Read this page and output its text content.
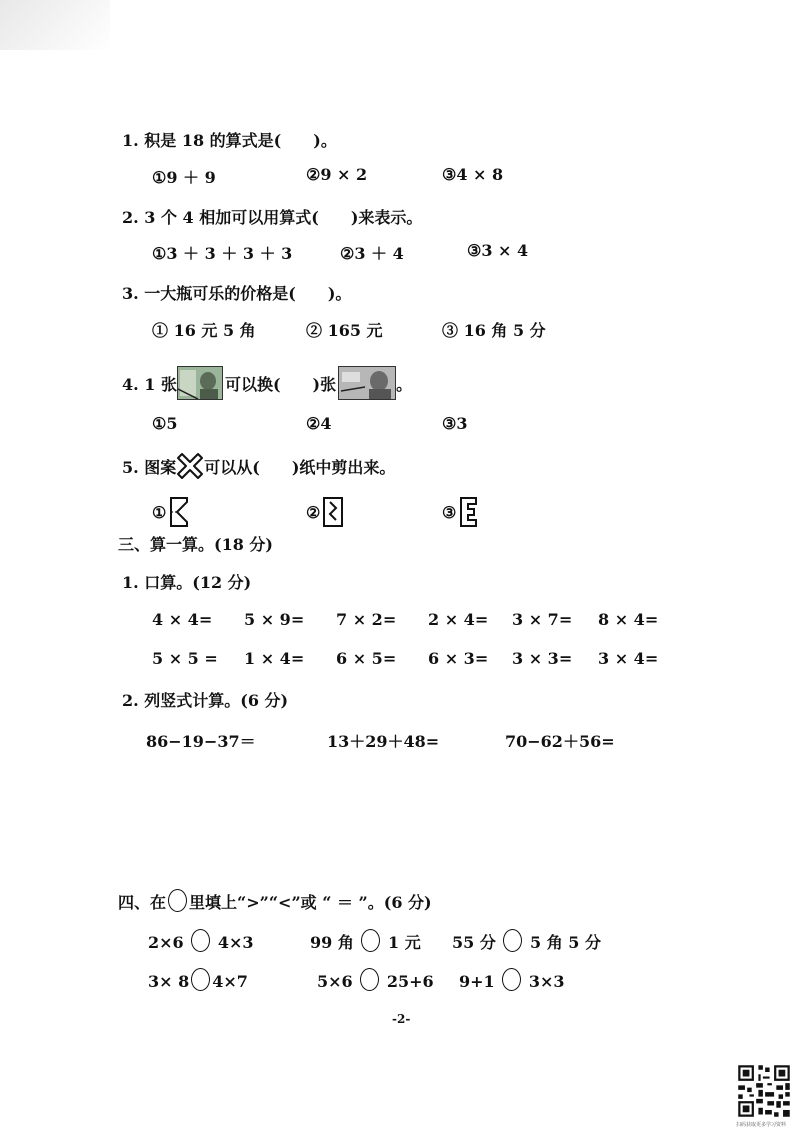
1. 积是 18 的算式是(　　)。
①9 ＋ 9	②9 × 2	③4 × 8
2. 3 个 4 相加可以用算式(　　)来表示。
①3 ＋ 3 ＋ 3 ＋ 3	②3 ＋ 4	③3 × 4
3. 一大瓶可乐的价格是(　　)。
① 16 元 5 角	② 165 元	③ 16 角 5 分
4. 1 张	可以换(　　)张	。
①5	②4	③3
5. 图案 可以从(　　)纸中剪出来。
①	②	③
三、算一算。(18 分)
1. 口算。(12 分)
4 × 4= 5 × 9= 7 × 2= 2 × 4= 3 × 7= 8 × 4=
5 × 5 = 1 × 4= 6 × 5= 6 × 3= 3 × 3= 3 × 4=
2. 列竖式计算。(6 分)
86−19−37＝	13＋29＋48=	70−62＋56=
四、在 里填上“>”“<”或 “ ＝ ”。(6 分)
2×6 4×3	99 角 1 元 55 分 5 角 5 分
3× 8 4×7	5×6 25+6 9+1 3×3
-2-
扫码获取更多学习资料
